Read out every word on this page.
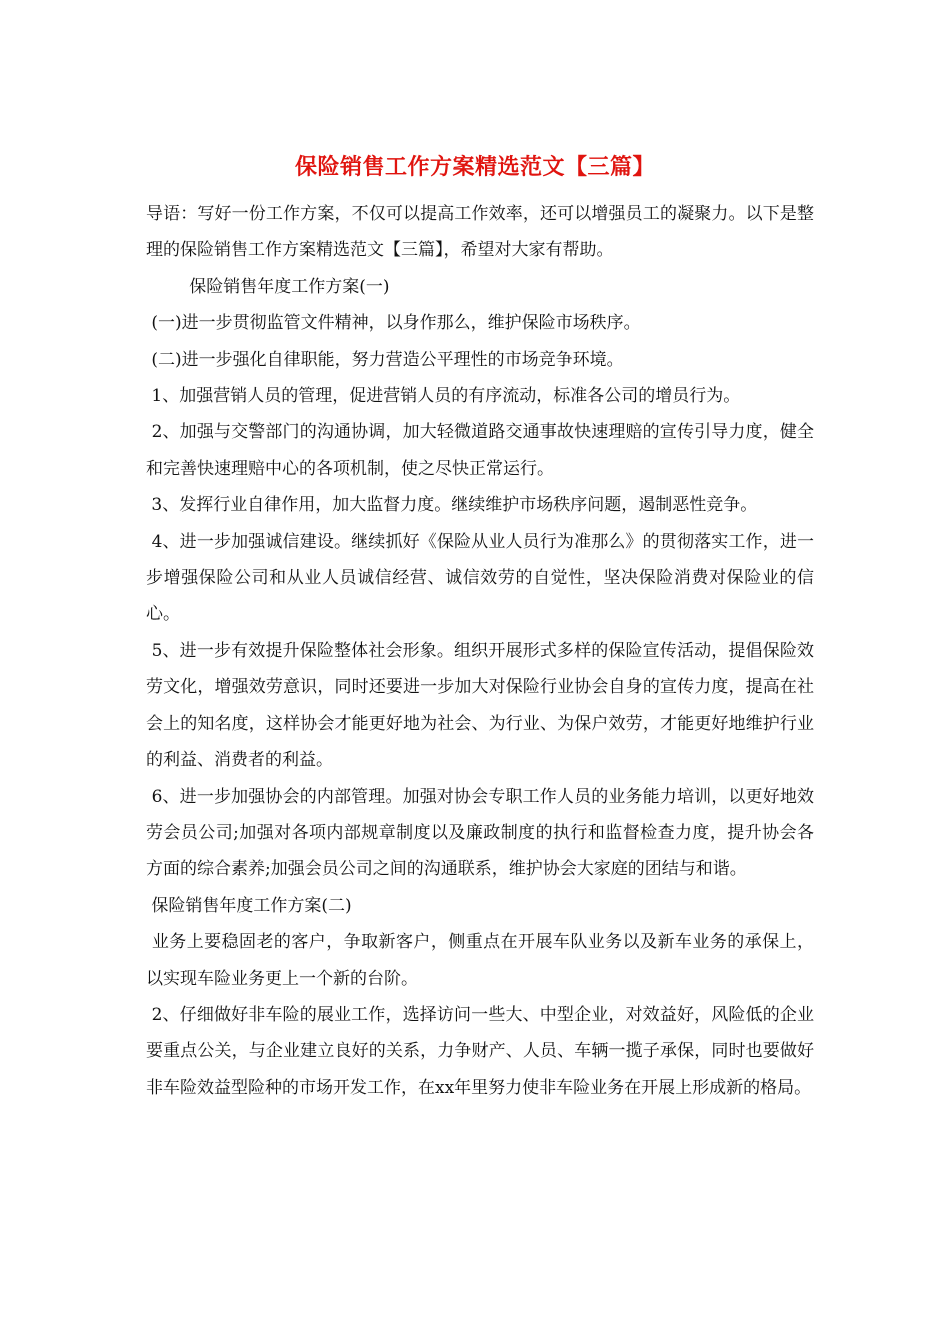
保险销售工作方案精选范文【三篇】

导语：写好一份工作方案，不仅可以提高工作效率，还可以增强员工的凝聚力。以下是整理的保险销售工作方案精选范文【三篇】，希望对大家有帮助。

保险销售年度工作方案(一)

(一)进一步贯彻监管文件精神，以身作那么，维护保险市场秩序。

(二)进一步强化自律职能，努力营造公平理性的市场竞争环境。

1、加强营销人员的管理，促进营销人员的有序流动，标准各公司的增员行为。

2、加强与交警部门的沟通协调，加大轻微道路交通事故快速理赔的宣传引导力度，健全和完善快速理赔中心的各项机制，使之尽快正常运行。

3、发挥行业自律作用，加大监督力度。继续维护市场秩序问题，遏制恶性竞争。

4、进一步加强诚信建设。继续抓好《保险从业人员行为准那么》的贯彻落实工作，进一步增强保险公司和从业人员诚信经营、诚信效劳的自觉性，坚决保险消费对保险业的信心。

5、进一步有效提升保险整体社会形象。组织开展形式多样的保险宣传活动，提倡保险效劳文化，增强效劳意识，同时还要进一步加大对保险行业协会自身的宣传力度，提高在社会上的知名度，这样协会才能更好地为社会、为行业、为保户效劳，才能更好地维护行业的利益、消费者的利益。

6、进一步加强协会的内部管理。加强对协会专职工作人员的业务能力培训，以更好地效劳会员公司;加强对各项内部规章制度以及廉政制度的执行和监督检查力度，提升协会各方面的综合素养;加强会员公司之间的沟通联系，维护协会大家庭的团结与和谐。

保险销售年度工作方案(二)

业务上要稳固老的客户，争取新客户，侧重点在开展车队业务以及新车业务的承保上，以实现车险业务更上一个新的台阶。

2、仔细做好非车险的展业工作，选择访问一些大、中型企业，对效益好，风险低的企业要重点公关，与企业建立良好的关系，力争财产、人员、车辆一揽子承保，同时也要做好非车险效益型险种的市场开发工作，在xx年里努力使非车险业务在开展上形成新的格局。
